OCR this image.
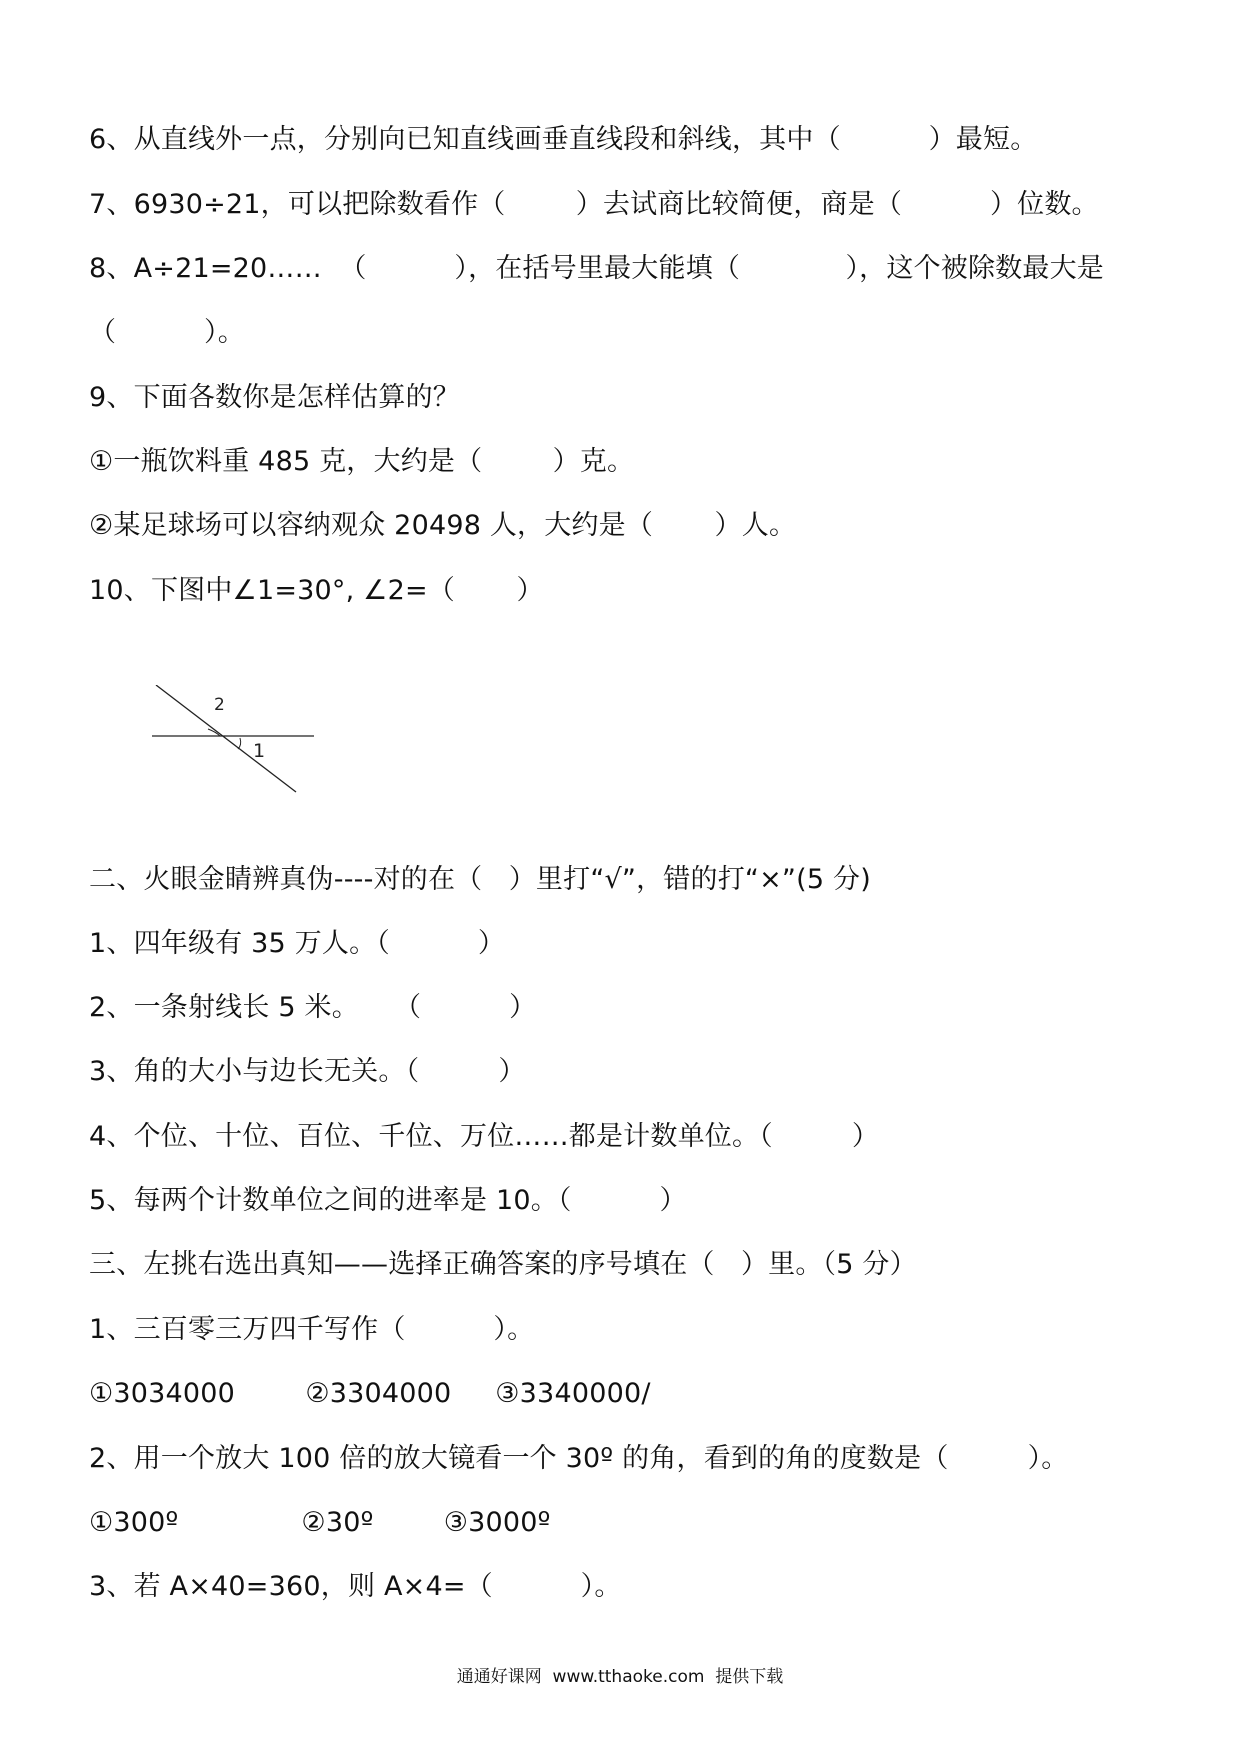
6、从直线外一点，分别向已知直线画垂直线段和斜线，其中（          ）最短。
7、6930÷21，可以把除数看作（        ）去试商比较简便，商是（          ）位数。
8、A÷21=20……  （          ），在括号里最大能填（            ），这个被除数最大是
（          ）。
9、下面各数你是怎样估算的？
①一瓶饮料重 485 克，大约是（        ）克。
②某足球场可以容纳观众 20498 人，大约是（       ）人。
10、下图中∠1=30°, ∠2=（       ）
2
1
二、火眼金睛辨真伪----对的在（   ）里打“√”，错的打“×”(5 分)
1、四年级有 35 万人。（          ）
2、一条射线长 5 米。    （          ）
3、角的大小与边长无关。（         ）
4、个位、十位、百位、千位、万位……都是计数单位。（         ）
5、每两个计数单位之间的进率是 10。（          ）
三、左挑右选出真知——选择正确答案的序号填在（   ）里。（5 分）
1、三百零三万四千写作（          ）。
①3034000        ②3304000     ③3340000/
2、用一个放大 100 倍的放大镜看一个 30º 的角，看到的角的度数是（         ）。
①300º              ②30º        ③3000º
3、若 A×40=360，则 A×4=（          ）。
通通好课网  www.tthaoke.com  提供下载
